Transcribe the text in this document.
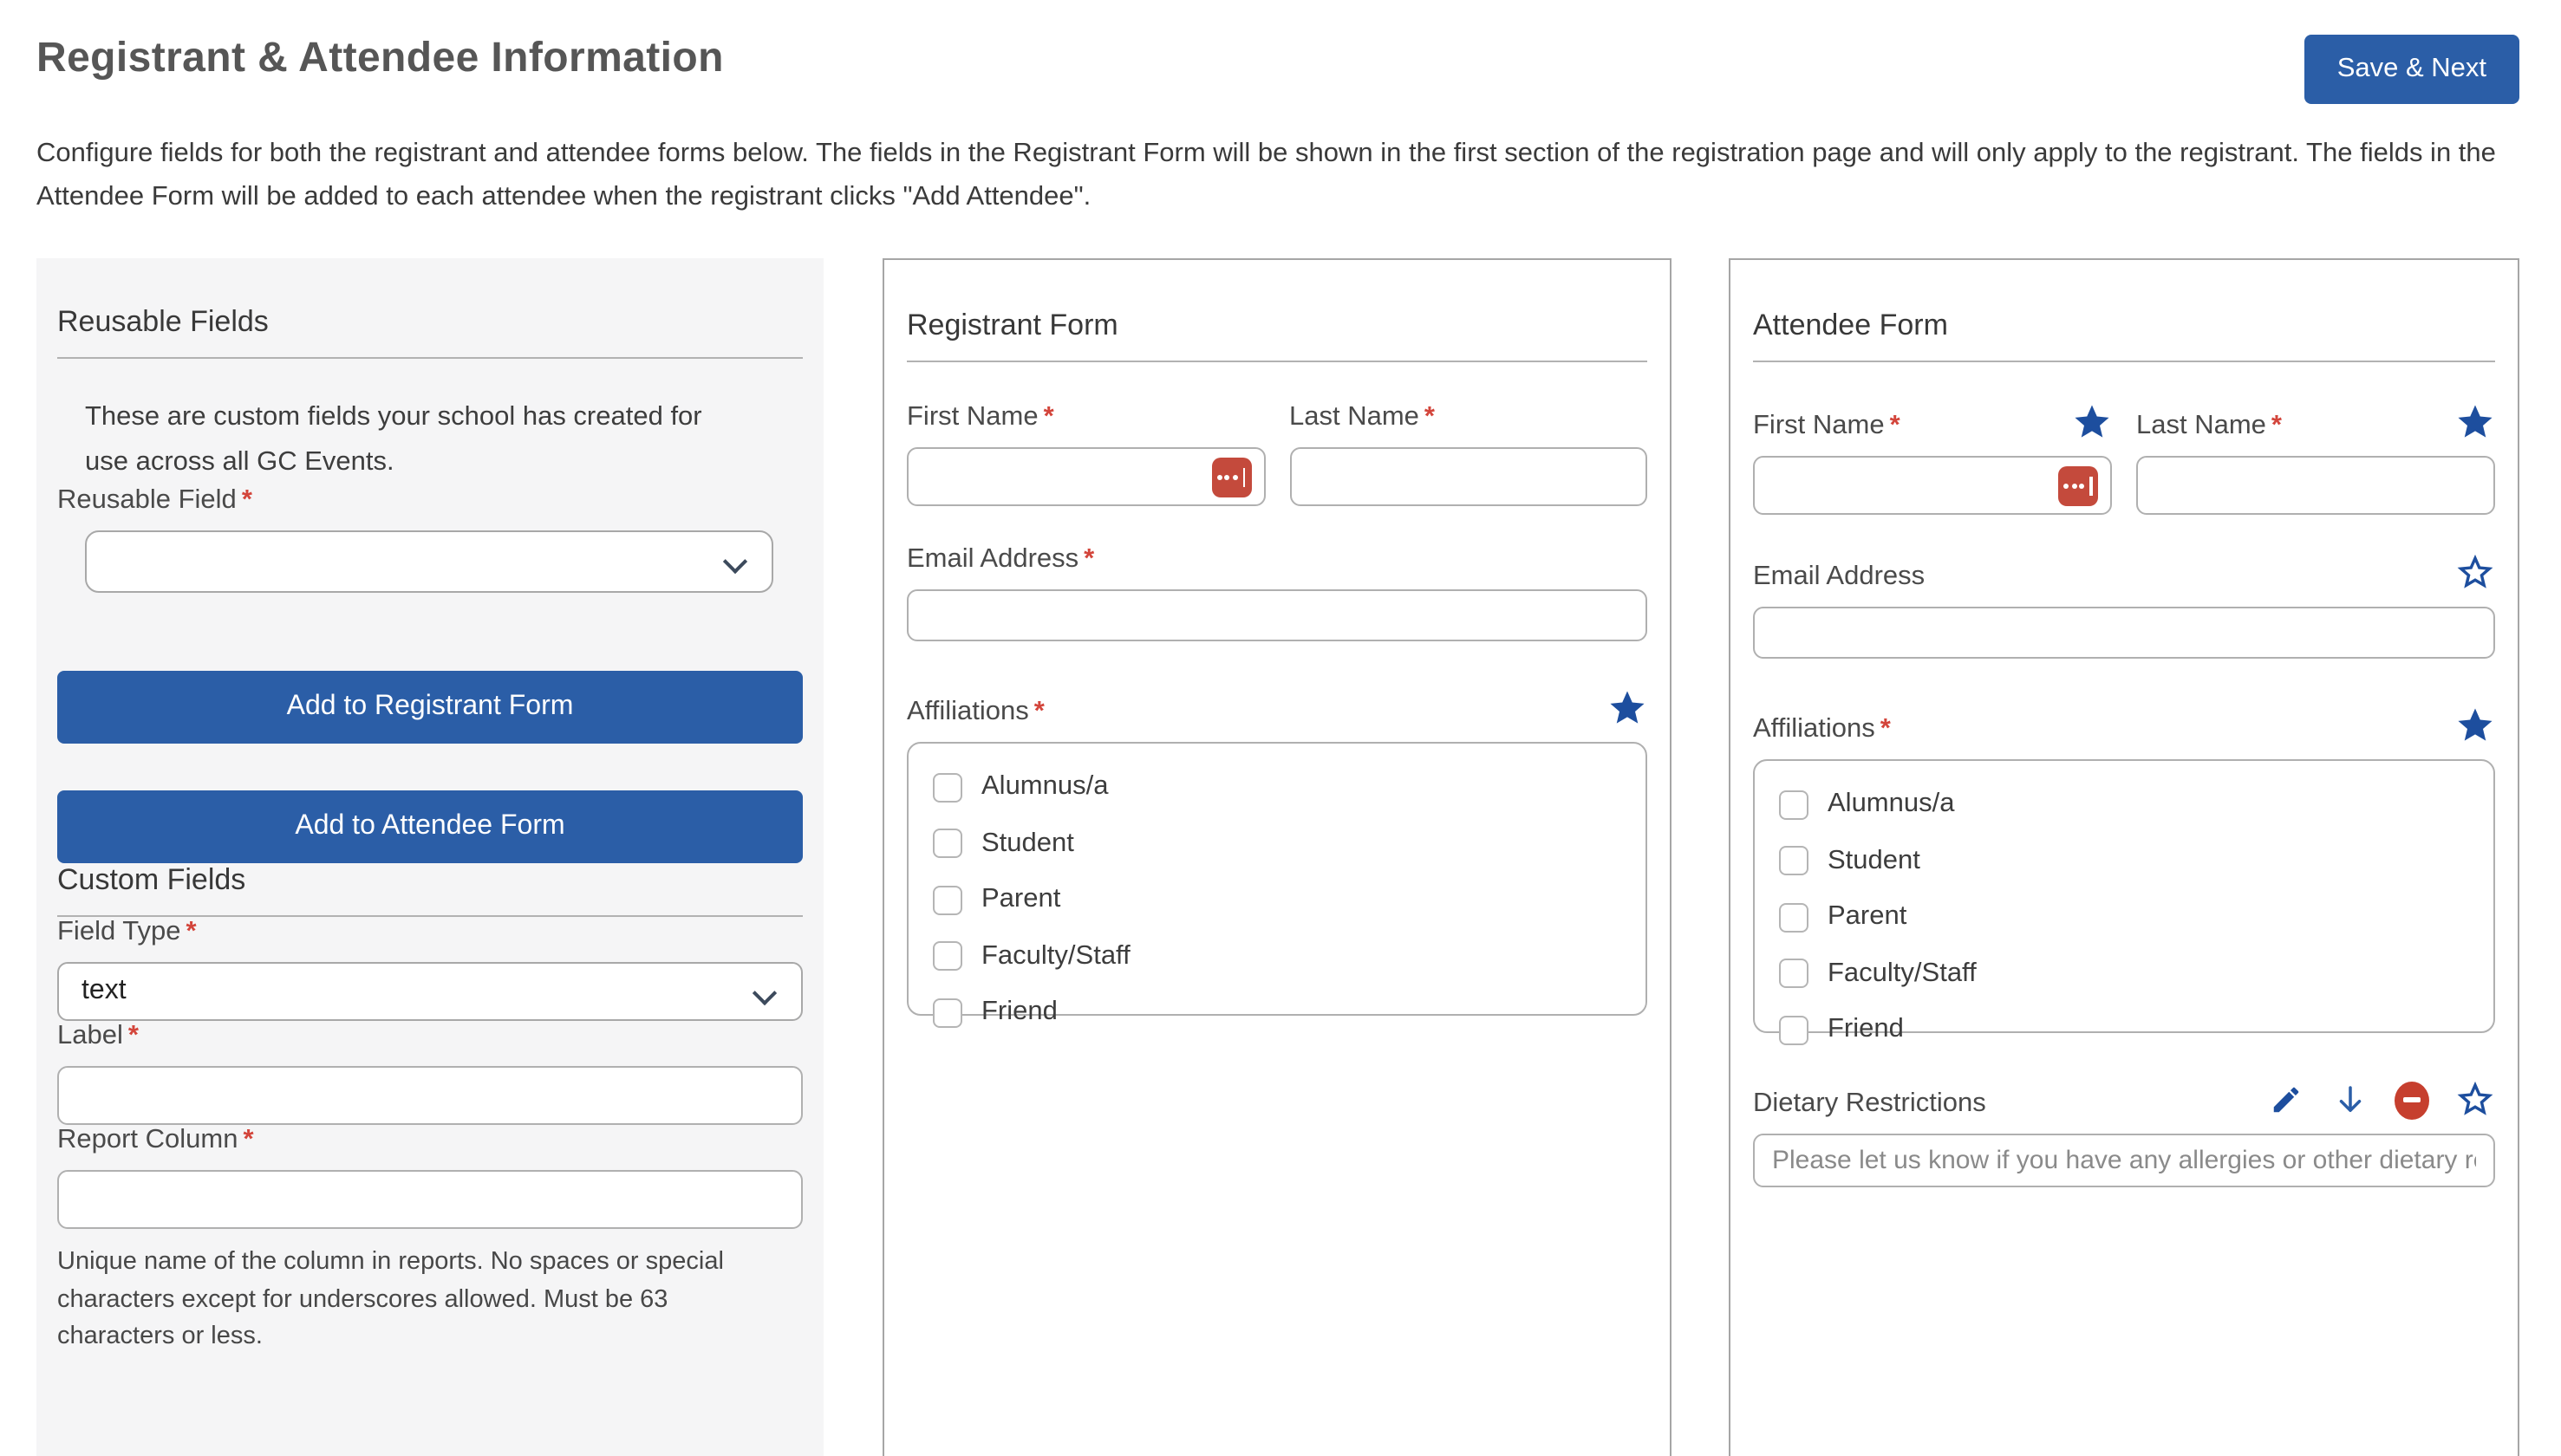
Registrant & Attendee Information	Save & Next

Configure fields for both the registrant and attendee forms below. The fields in the Registrant Form will be shown in the first section of the registration page and will only apply to the registrant. The fields in the Attendee Form will be added to each attendee when the registrant clicks "Add Attendee".

Reusable Fields

These are custom fields your school has created for use across all GC Events.

Reusable Field *
Add to Registrant Form
Add to Attendee Form
Custom Fields
Field Type *
text
Label *
Report Column *

Unique name of the column in reports. No spaces or special characters except for underscores allowed. Must be 63 characters or less.

Registrant Form
First Name *	Last Name *
Email Address *
Affiliations *
Alumnus/a
Student
Parent
Faculty/Staff
Friend
Attendee Form
First Name *	Last Name *
Email Address
Affiliations *
Alumnus/a
Student
Parent
Faculty/Staff
Friend
Dietary Restrictions
Please let us know if you have any allergies or other dietary re
